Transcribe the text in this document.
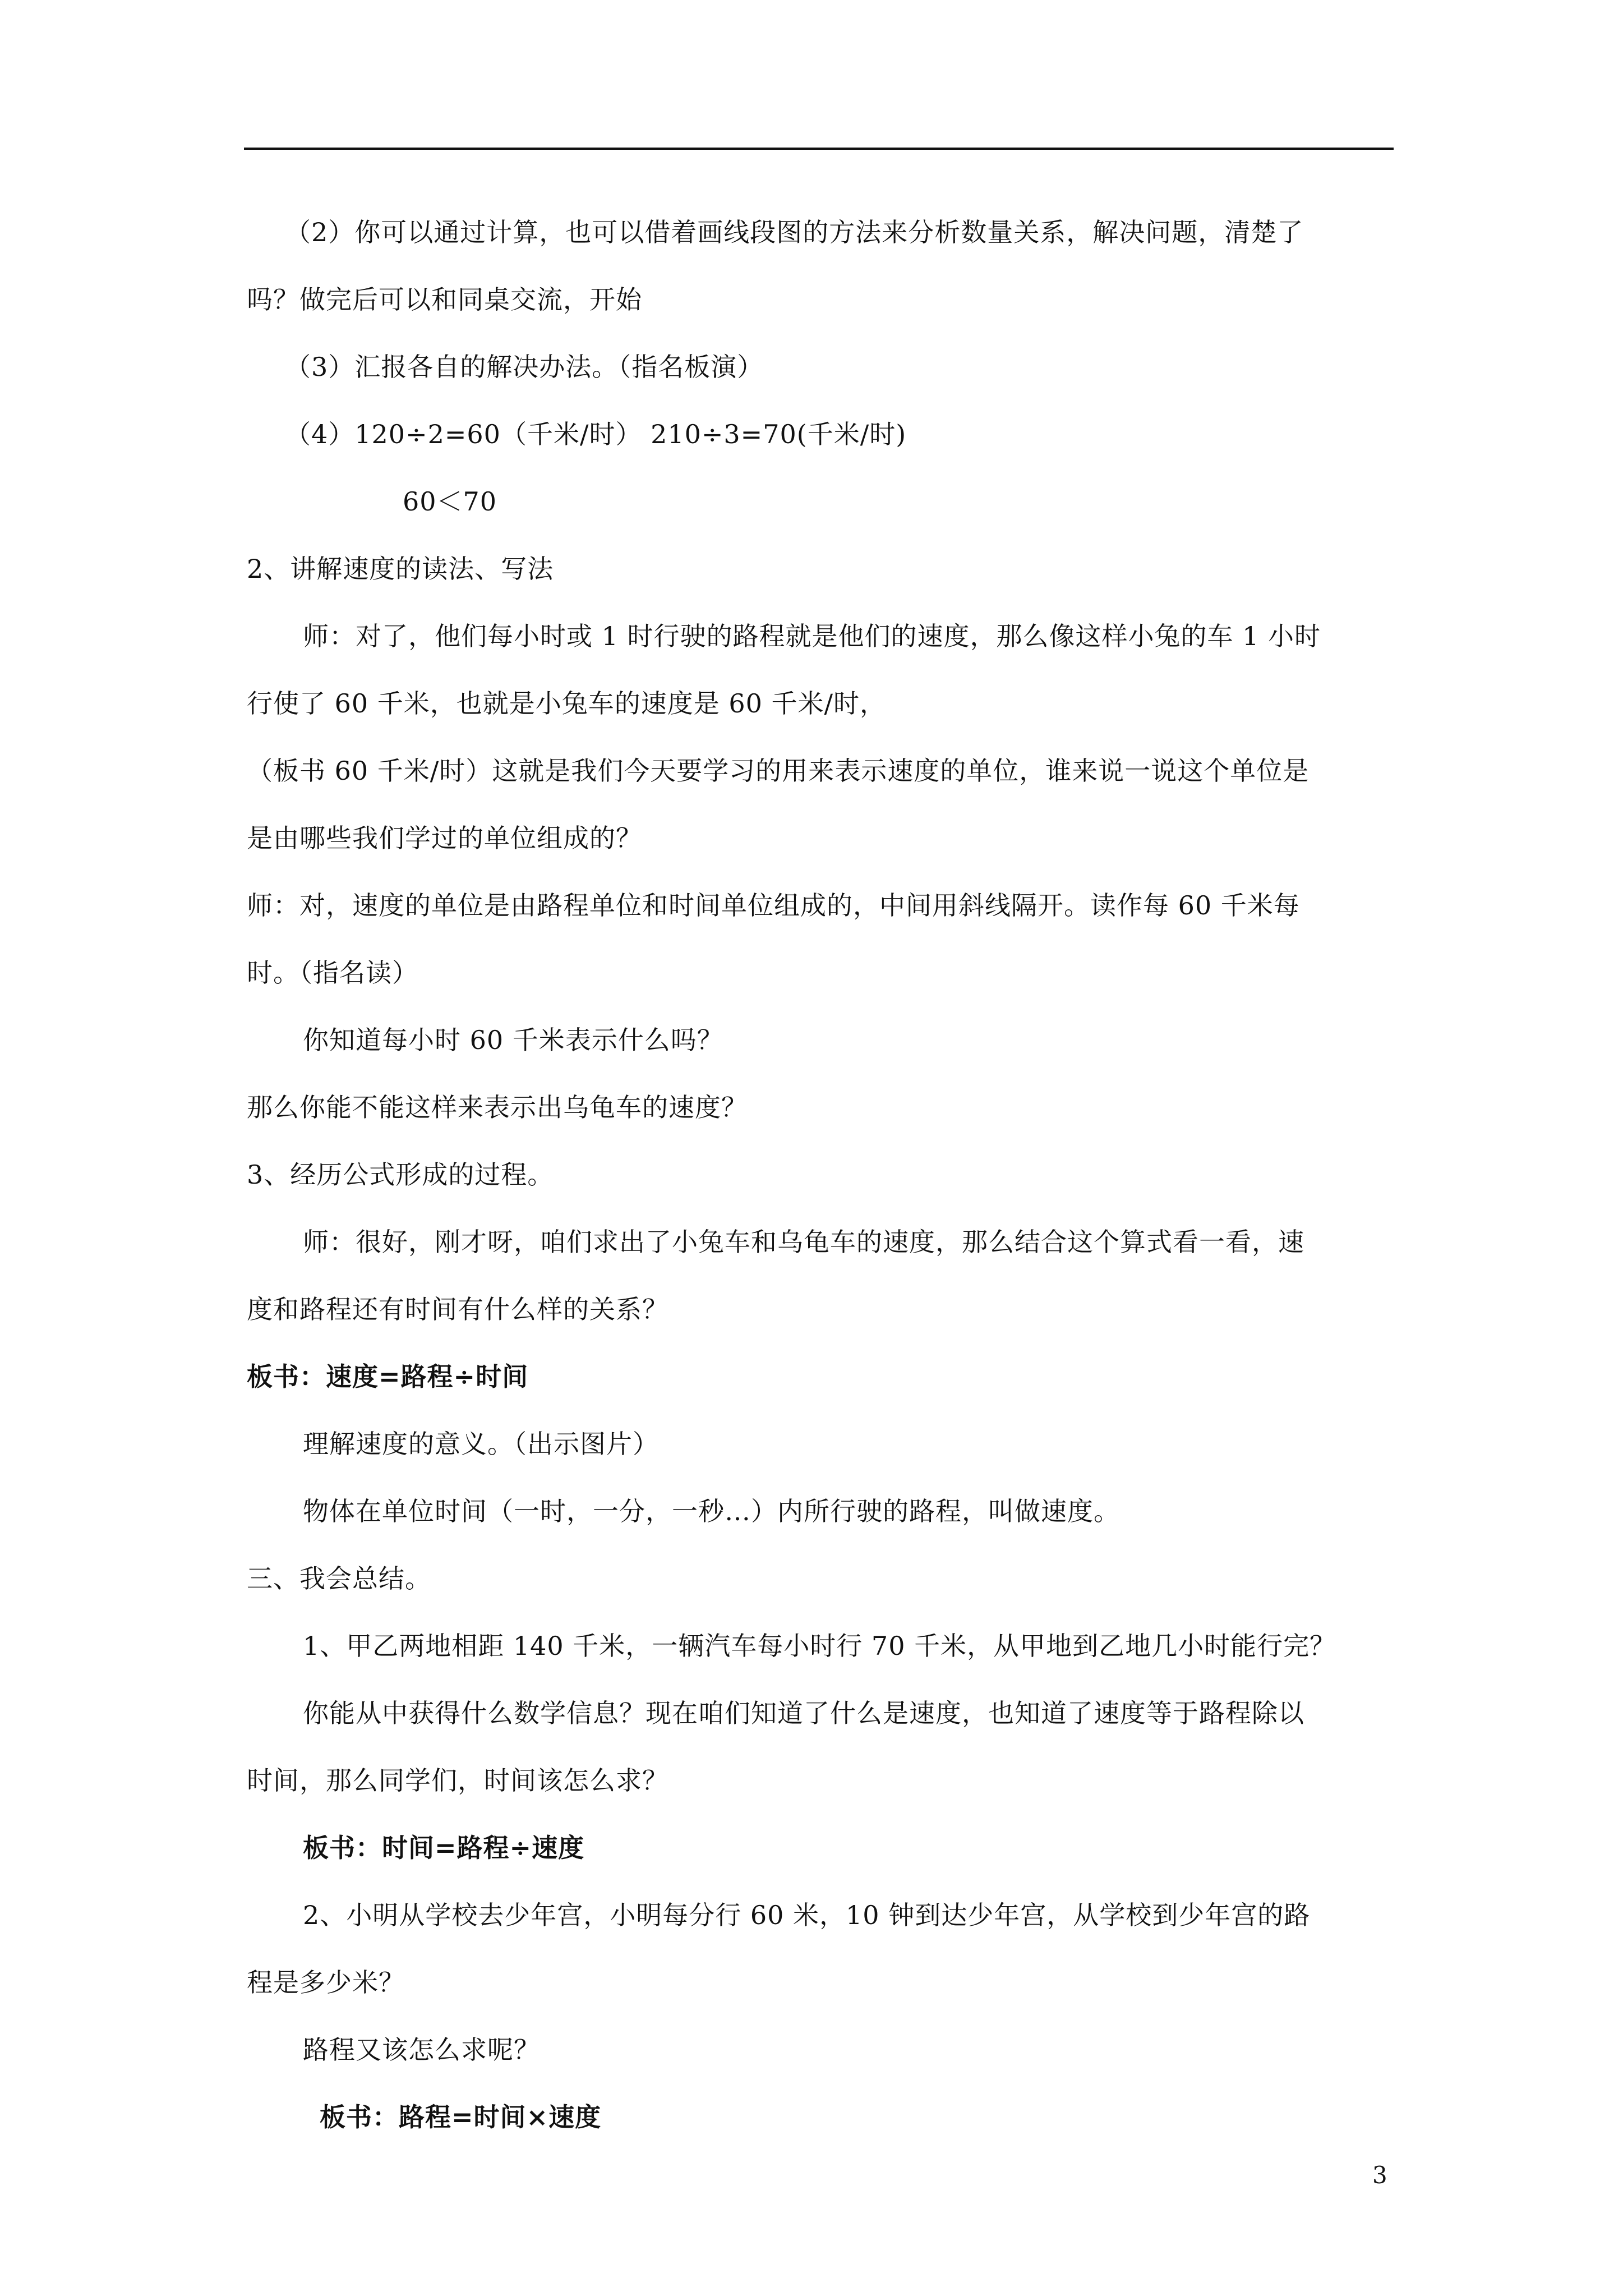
（2）你可以通过计算，也可以借着画线段图的方法来分析数量关系，解决问题，清楚了
吗？做完后可以和同桌交流，开始
（3）汇报各自的解决办法。（指名板演）
（4）120÷2=60（千米/时） 210÷3=70(千米/时)
60＜70
2、讲解速度的读法、写法
师：对了，他们每小时或 1 时行驶的路程就是他们的速度，那么像这样小兔的车 1 小时
行使了 60 千米，也就是小兔车的速度是 60 千米/时，
（板书 60 千米/时）这就是我们今天要学习的用来表示速度的单位，谁来说一说这个单位是
是由哪些我们学过的单位组成的？
师：对，速度的单位是由路程单位和时间单位组成的，中间用斜线隔开。读作每 60 千米每
时。（指名读）
你知道每小时 60 千米表示什么吗？
那么你能不能这样来表示出乌龟车的速度？
3、经历公式形成的过程。
师：很好，刚才呀，咱们求出了小兔车和乌龟车的速度，那么结合这个算式看一看，速
度和路程还有时间有什么样的关系？
板书：速度=路程÷时间
理解速度的意义。（出示图片）
物体在单位时间（一时，一分，一秒…）内所行驶的路程，叫做速度。
三、我会总结。
1、甲乙两地相距 140 千米，一辆汽车每小时行 70 千米，从甲地到乙地几小时能行完？
你能从中获得什么数学信息？现在咱们知道了什么是速度，也知道了速度等于路程除以
时间，那么同学们，时间该怎么求？
板书：时间=路程÷速度
2、小明从学校去少年宫，小明每分行 60 米，10 钟到达少年宫，从学校到少年宫的路
程是多少米？
路程又该怎么求呢？
板书：路程=时间×速度
3
